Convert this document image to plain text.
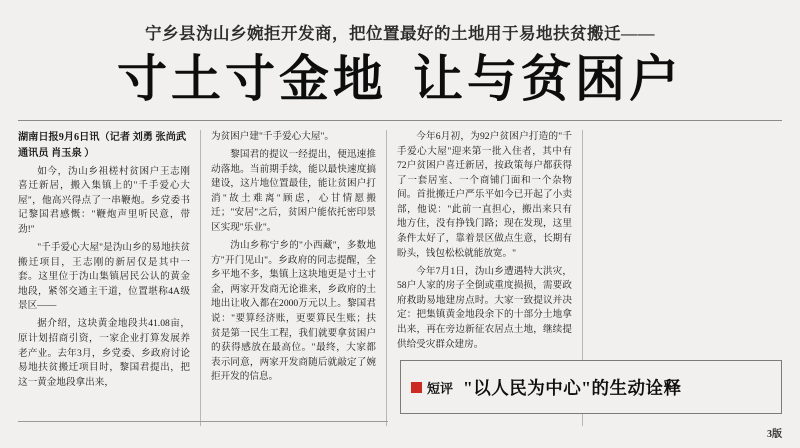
宁乡县沩山乡婉拒开发商，把位置最好的土地用于易地扶贫搬迁——
寸土寸金地 让与贫困户
湖南日报9月6日讯（记者 刘勇 张尚武
通讯员 肖玉泉 ）

如今，沩山乡祖槎村贫困户王志刚喜迁新居，搬入集镇上的"千手爱心大屋"，他高兴得点了一串鞭炮。乡党委书记黎国君感慨："鞭炮声里听民意，带劲!"

"千手爱心大屋"是沩山乡的易地扶贫搬迁项目，王志刚的新居仅是其中一套。这里位于沩山集镇居民公认的黄金地段，紧邻交通主干道，位置堪称4A级景区——

据介绍，这块黄金地段共41.08亩，原计划招商引资，一家企业打算发展养老产业。去年3月，乡党委、乡政府讨论易地扶贫搬迁项目时，黎国君提出，把这一黄金地段拿出来，

为贫困户建"千手爱心大屋"。

黎国君的提议一经提出，便迅速推动落地。当前期手续，能以最快速度搞建设，这片地位置最佳，能让贫困户打消"故土难离"顾虑，心甘情愿搬迁；"安居"之后，贫困户能依托密印景区实现"乐业"。

沩山乡称宁乡的"小西藏"，多数地方"开门见山"。乡政府的同志提醒，全乡平地不多，集镇上这块地更是寸土寸金，两家开发商无论谁来，乡政府的土地出让收入都在2000万元以上。黎国君说："要算经济账，更要算民生账；扶贫是第一民生工程，我们就要拿贫困户的获得感放在最高位。"最终，大家都表示同意，两家开发商随后就敲定了婉拒开发的信息。

今年6月初，为92户贫困户打造的"千手爱心大屋"迎来第一批入住者，其中有72户贫困户喜迁新居，按政策每户都获得了一套居室、一个商铺门面和一个杂物间。首批搬迁户严乐平如今已开起了小卖部，他说："此前一直担心，搬出来只有地方住，没有挣钱门路；现在发现，这里条件太好了，靠着景区做点生意，长期有盼头，钱包松松就能放宽。"

今年7月1日，沩山乡遭遇特大洪灾，58户人家的房子全倒或重度损损，需要政府救助易地建房点时。大家一致提议并决定：把集镇黄金地段余下的十部分土地拿出来，再在旁边新征农居点土地，继续提供给受灾群众建房。

短评 "以人民为中心"的生动诠释
3版
